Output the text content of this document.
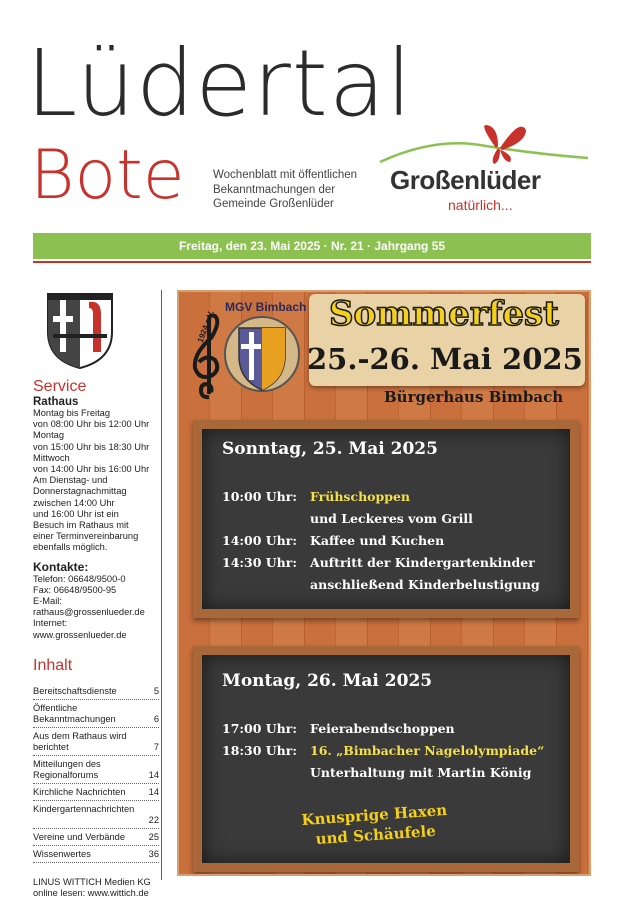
Lüdertal
Bote Wochenblatt mit öffentlichen
Bekanntmachungen der
Gemeinde Großenlüder
Großenlüder
natürlich...
Freitag, den 23. Mai 2025 · Nr. 21 · Jahrgang 55

Service

Rathaus

Montag bis Freitag
von 08:00 Uhr bis 12:00 Uhr
Montag
von 15:00 Uhr bis 18:30 Uhr
Mittwoch
von 14:00 Uhr bis 16:00 Uhr
Am Dienstag- und
Donnerstagnachmittag
zwischen 14:00 Uhr
und 16:00 Uhr ist ein
Besuch im Rathaus mit
einer Terminvereinbarung
ebenfalls möglich.

Kontakte:

Telefon: 06648/9500-0
Fax: 06648/9500-95
E-Mail:
rathaus@grossenlueder.de
Internet:
www.grossenlueder.de

Inhalt

Bereitschaftsdienste	5
Öffentliche Bekanntmachungen	6
Aus dem Rathaus wird berichtet	7
Mitteilungen des Regionalforums	14
Kirchliche Nachrichten	14
Kindergartennachrichten
22
Vereine und Verbände	25
Wissenwertes	36
LINUS WITTICH Medien KG
online lesen: www.wittich.de
MGV Bimbach
1924 e.V.	Sommerfest
25.-26. Mai 2025
Bürgerhaus Bimbach
Sonntag, 25. Mai 2025
10:00 Uhr: Frühschoppen
und Leckeres vom Grill
14:00 Uhr: Kaffee und Kuchen
14:30 Uhr: Auftritt der Kindergartenkinder
anschließend Kinderbelustigung
Montag, 26. Mai 2025
17:00 Uhr: Feierabendschoppen
18:30 Uhr: 16. „Bimbacher Nagelolympiade“
Unterhaltung mit Martin König
Knusprige Haxen
und Schäufele
